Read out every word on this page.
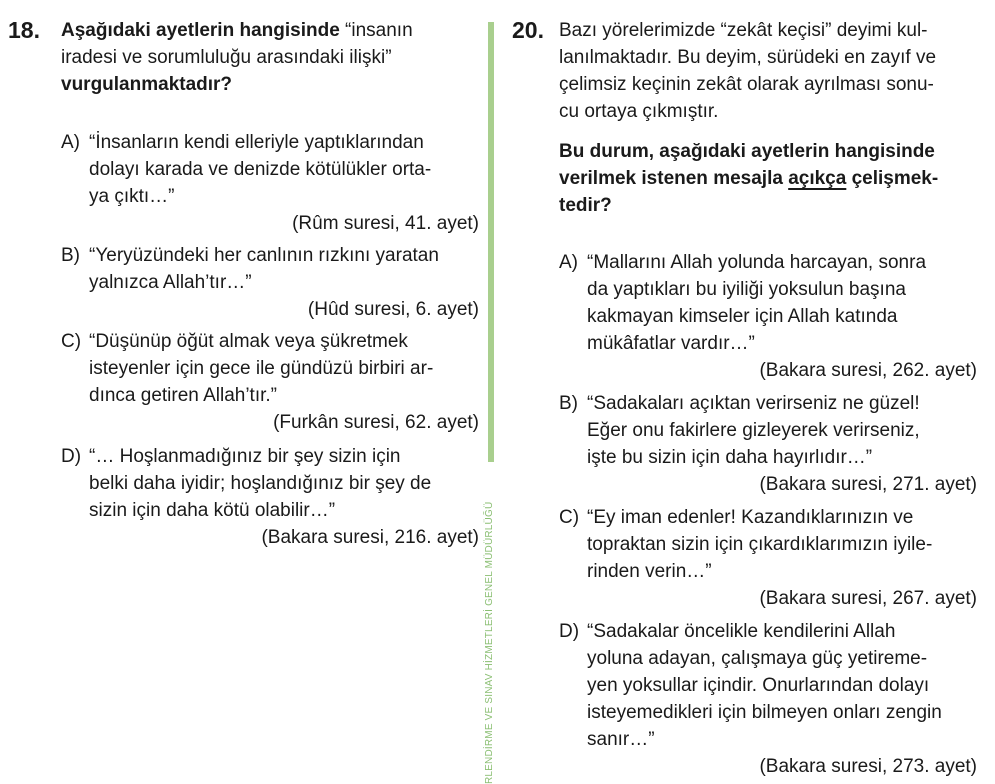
18. Aşağıdaki ayetlerin hangisinde “insanın
iradesi ve sorumluluğu arasındaki ilişki”
vurgulanmaktadır?
A) “İnsanların kendi elleriyle yaptıklarından
dolayı karada ve denizde kötülükler orta-
ya çıktı…”
(Rûm suresi, 41. ayet)
B) “Yeryüzündeki her canlının rızkını yaratan
yalnızca Allah’tır…”
(Hûd suresi, 6. ayet)
C) “Düşünüp öğüt almak veya şükretmek
isteyenler için gece ile gündüzü birbiri ar-
dınca getiren Allah’tır.”
(Furkân suresi, 62. ayet)
D) “… Hoşlanmadığınız bir şey sizin için
belki daha iyidir; hoşlandığınız bir şey de
sizin için daha kötü olabilir…”
(Bakara suresi, 216. ayet) RLENDİRME VE SINAV HİZMETLERİ GENEL MÜDÜRLÜĞÜ
20. Bazı yörelerimizde “zekât keçisi” deyimi kul-
lanılmaktadır. Bu deyim, sürüdeki en zayıf ve
çelimsiz keçinin zekât olarak ayrılması sonu-
cu ortaya çıkmıştır.
Bu durum, aşağıdaki ayetlerin hangisinde
verilmek istenen mesajla açıkça çelişmek-
tedir?
A) “Mallarını Allah yolunda harcayan, sonra
da yaptıkları bu iyiliği yoksulun başına
kakmayan kimseler için Allah katında
mükâfatlar vardır…”
(Bakara suresi, 262. ayet)
B) “Sadakaları açıktan verirseniz ne güzel!
Eğer onu fakirlere gizleyerek verirseniz,
işte bu sizin için daha hayırlıdır…”
(Bakara suresi, 271. ayet)
C) “Ey iman edenler! Kazandıklarınızın ve
topraktan sizin için çıkardıklarımızın iyile-
rinden verin…”
(Bakara suresi, 267. ayet)
D) “Sadakalar öncelikle kendilerini Allah
yoluna adayan, çalışmaya güç yetireme-
yen yoksullar içindir. Onurlarından dolayı
isteyemedikleri için bilmeyen onları zengin
sanır…”
(Bakara suresi, 273. ayet)
